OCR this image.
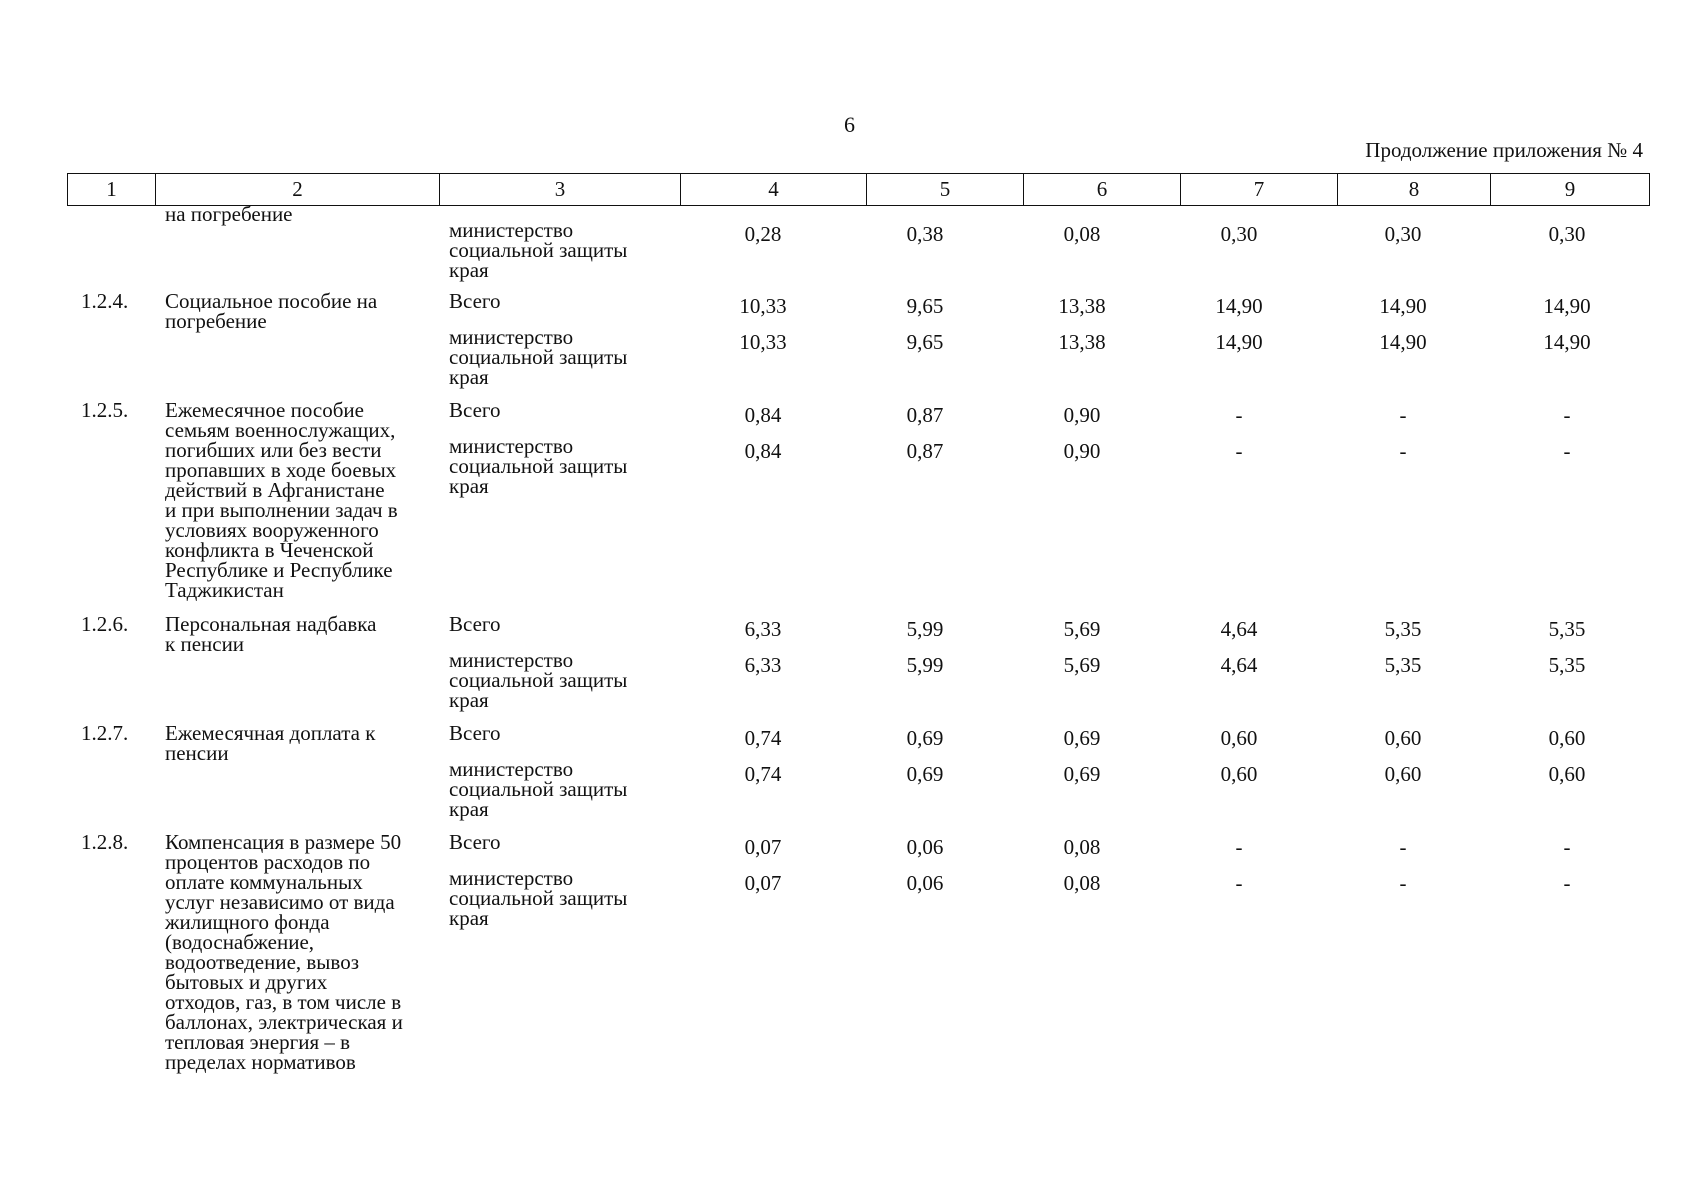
6
Продолжение приложения № 4
1	2	3	4	5	6	7	8	9
на погребение
министерство
социальной защиты
края
0,28	0,38	0,08	0,30	0,30	0,30
1.2.4. Социальное пособие на
погребение
Всего	10,33	9,65	13,38	14,90	14,90	14,90
министерство
социальной защиты
края
10,33	9,65	13,38	14,90	14,90	14,90
1.2.5. Ежемесячное пособие
семьям военнослужащих,
погибших или без вести
пропавших в ходе боевых
действий в Афганистане
и при выполнении задач в
условиях вооруженного
конфликта в Чеченской
Республике и Республике
Таджикистан
Всего	0,84	0,87	0,90	-	-	-
министерство
социальной защиты
края
0,84	0,87	0,90	-	-	-
1.2.6. Персональная надбавка
к пенсии
Всего	6,33	5,99	5,69	4,64	5,35	5,35
министерство
социальной защиты
края
6,33	5,99	5,69	4,64	5,35	5,35
1.2.7. Ежемесячная доплата к
пенсии
Всего	0,74	0,69	0,69	0,60	0,60	0,60
министерство
социальной защиты
края
0,74	0,69	0,69	0,60	0,60	0,60
1.2.8. Компенсация в размере 50
процентов расходов по
оплате коммунальных
услуг независимо от вида
жилищного фонда
(водоснабжение,
водоотведение, вывоз
бытовых и других
отходов, газ, в том числе в
баллонах, электрическая и
тепловая энергия – в
пределах нормативов
Всего	0,07	0,06	0,08	-	-	-
министерство
социальной защиты
края
0,07	0,06	0,08	-	-	-
